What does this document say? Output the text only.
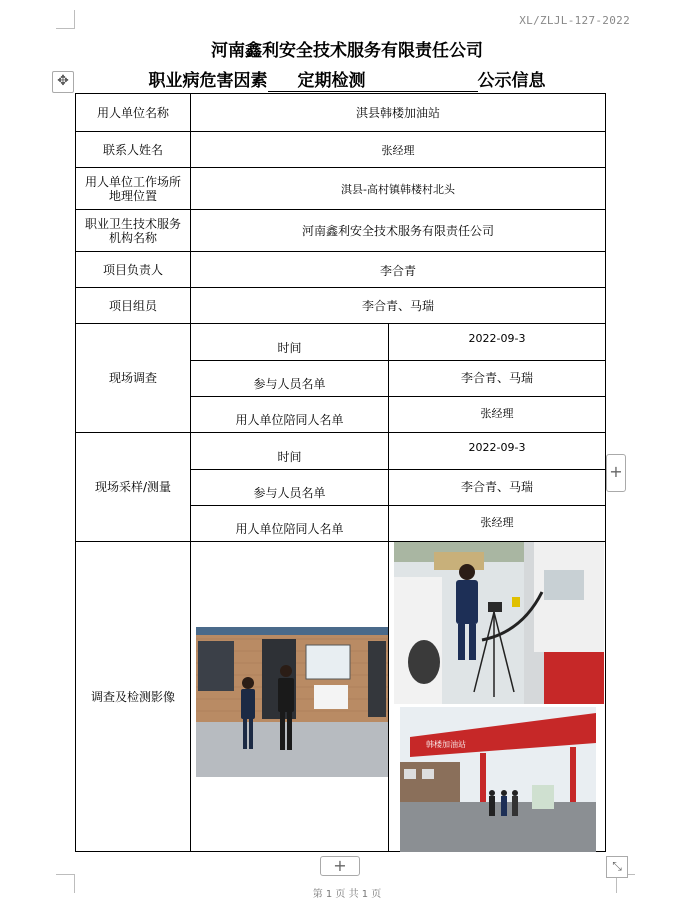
XL/ZLJL-127-2022
✥
河南鑫利安全技术服务有限责任公司
职业病危害因素 定期检测	公示信息
用人单位名称	淇县韩楼加油站	
联系人姓名	张经理	
用人单位工作场所地理位置	淇县-高村镇韩楼村北头	
职业卫生技术服务机构名称	河南鑫利安全技术服务有限责任公司	
项目负责人	李合青	
项目组员	李合青、马瑞	
现场调查	时间	2022-09-3
	参与人员名单	李合青、马瑞
	用人单位陪同人名单	张经理
现场采样/测量	时间	2022-09-3
	参与人员名单	李合青、马瑞
	用人单位陪同人名单	张经理
调查及检测影像		韩楼加油站
+
+	⤡
第 1 页 共 1 页
